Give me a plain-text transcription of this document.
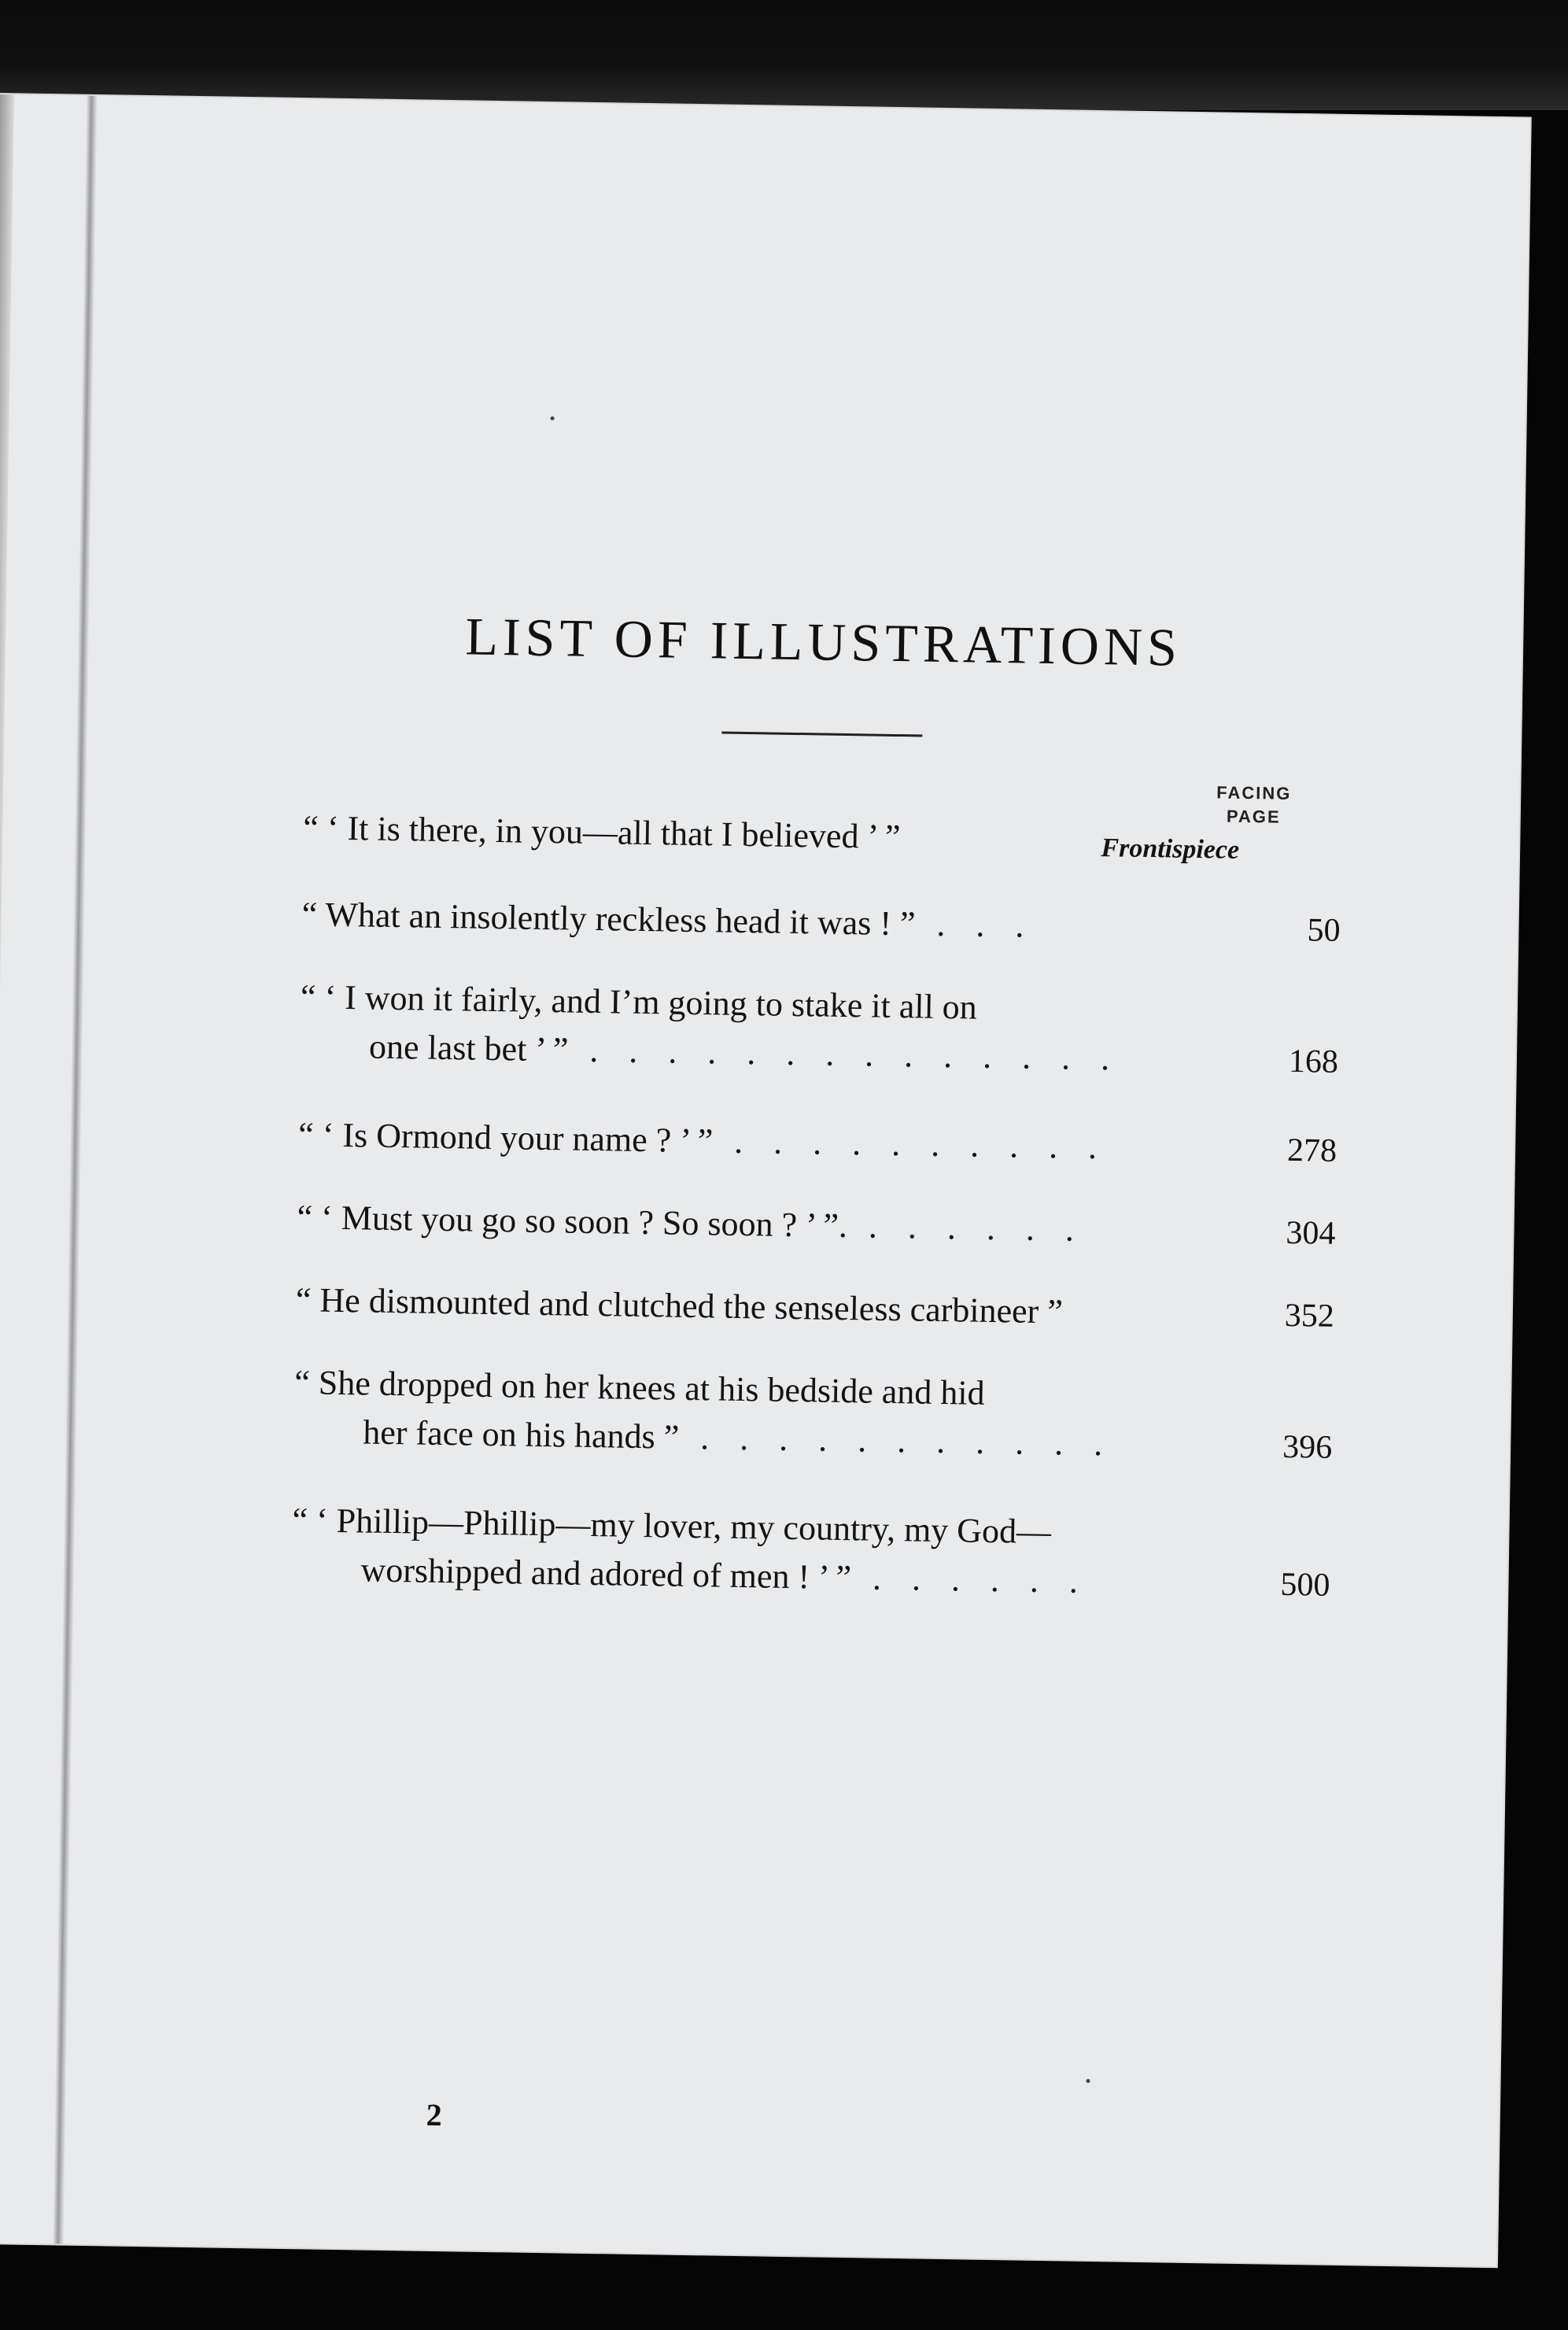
LIST OF ILLUSTRATIONS
FACING
PAGE
“ ‘ It is there, in you—all that I believed ’ ”	Frontispiece
“ What an insolently reckless head it was ! ” . . .	50
“ ‘ I won it fairly, and I’m going to stake it all on
one last bet ’ ” . . . . . . . . . . . . . .	168
“ ‘ Is Ormond your name ? ’ ” . . . . . . . . . .	278
“ ‘ Must you go so soon ? So soon ? ’ ”. . . . . . .	304
“ He dismounted and clutched the senseless carbineer ”	352
“ She dropped on her knees at his bedside and hid
her face on his hands ” . . . . . . . . . . .	396
“ ‘ Phillip—Phillip—my lover, my country, my God—
worshipped and adored of men ! ’ ” . . . . . .	500
2
